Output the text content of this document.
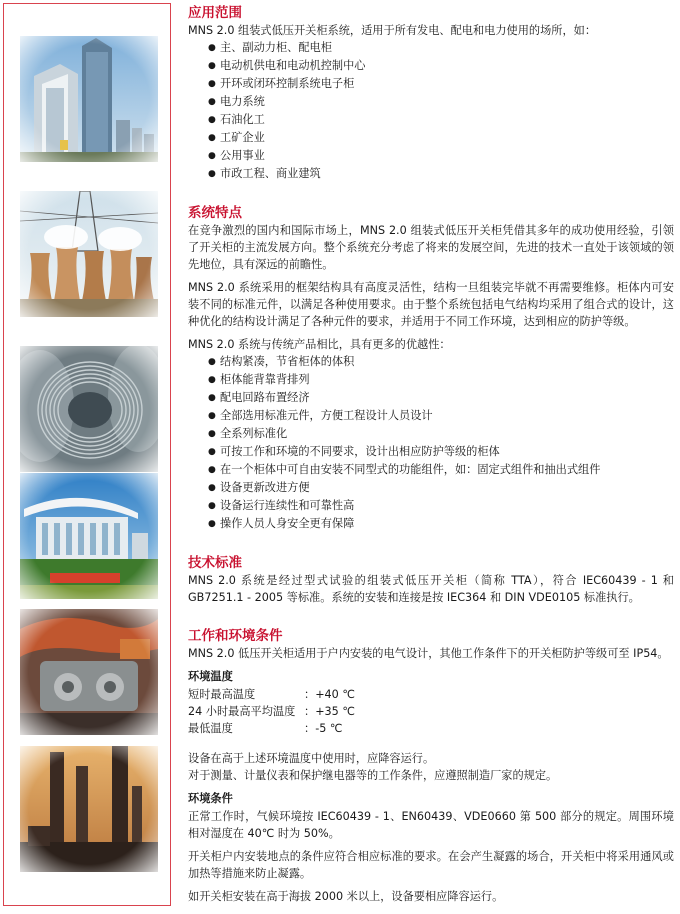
应用范围

MNS 2.0 组装式低压开关柜系统，适用于所有发电、配电和电力使用的场所，如：

● 主、副动力柜、配电柜
● 电动机供电和电动机控制中心
● 开环或闭环控制系统电子柜
● 电力系统
● 石油化工
● 工矿企业
● 公用事业
● 市政工程、商业建筑
系统特点

在竞争激烈的国内和国际市场上，MNS 2.0 组装式低压开关柜凭借其多年的成功使用经验，引领了开关柜的主流发展方向。整个系统充分考虑了将来的发展空间，先进的技术一直处于该领域的领先地位，具有深远的前瞻性。

MNS 2.0 系统采用的框架结构具有高度灵活性，结构一旦组装完毕就不再需要维修。柜体内可安装不同的标准元件，以满足各种使用要求。由于整个系统包括电气结构均采用了组合式的设计，这种优化的结构设计满足了各种元件的要求，并适用于不同工作环境，达到相应的防护等级。

MNS 2.0 系统与传统产品相比，具有更多的优越性：

● 结构紧凑，节省柜体的体积
● 柜体能背靠背排列
● 配电回路布置经济
● 全部选用标准元件，方便工程设计人员设计
● 全系列标准化
● 可按工作和环境的不同要求，设计出相应防护等级的柜体
● 在一个柜体中可自由安装不同型式的功能组件，如：固定式组件和抽出式组件
● 设备更新改进方便
● 设备运行连续性和可靠性高
● 操作人员人身安全更有保障
技术标准

MNS 2.0 系统是经过型式试验的组装式低压开关柜（简称 TTA），符合 IEC60439 - 1 和 GB7251.1 - 2005 等标准。系统的安装和连接是按 IEC364 和 DIN VDE0105 标准执行。

工作和环境条件

MNS 2.0 低压开关柜适用于户内安装的电气设计，其他工作条件下的开关柜防护等级可至 IP54。

环境温度
短时最高温度	：+40 ℃
24 小时最高平均温度 ：+35 ℃
最低温度	：-5 ℃

设备在高于上述环境温度中使用时，应降容运行。

对于测量、计量仪表和保护继电器等的工作条件，应遵照制造厂家的规定。

环境条件

正常工作时，气候环境按 IEC60439 - 1、EN60439、VDE0660 第 500 部分的规定。周围环境相对湿度在 40℃ 时为 50%。

开关柜户内安装地点的条件应符合相应标准的要求。在会产生凝露的场合，开关柜中将采用通风或加热等措施来防止凝露。

如开关柜安装在高于海拔 2000 米以上，设备要相应降容运行。
